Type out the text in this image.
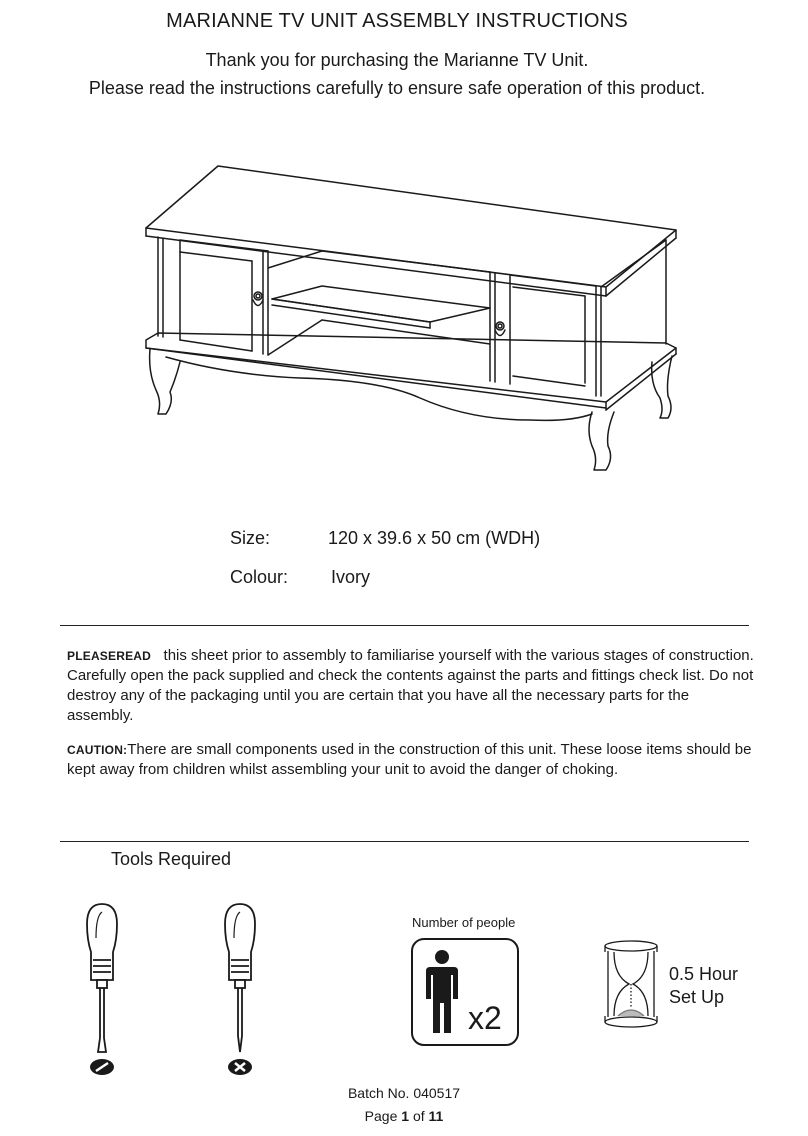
MARIANNE TV UNIT ASSEMBLY INSTRUCTIONS
Thank you for purchasing the Marianne TV Unit.
Please read the instructions carefully to ensure safe operation of this product.
Size:	120 x 39.6 x 50 cm (WDH)
Colour: Ivory
PLEASEREAD this sheet prior to assembly to familiarise yourself with the various stages of construction. Carefully open the pack supplied and check the contents against the parts and fittings check list. Do not destroy any of the packaging until you are certain that you have all the necessary parts for the assembly.
CAUTION:There are small components used in the construction of this unit. These loose items should be kept away from children whilst assembling your unit to avoid the danger of choking.
Tools Required
Number of people
x2
0.5 Hour
Set Up
Batch No. 040517
Page 1 of 11
